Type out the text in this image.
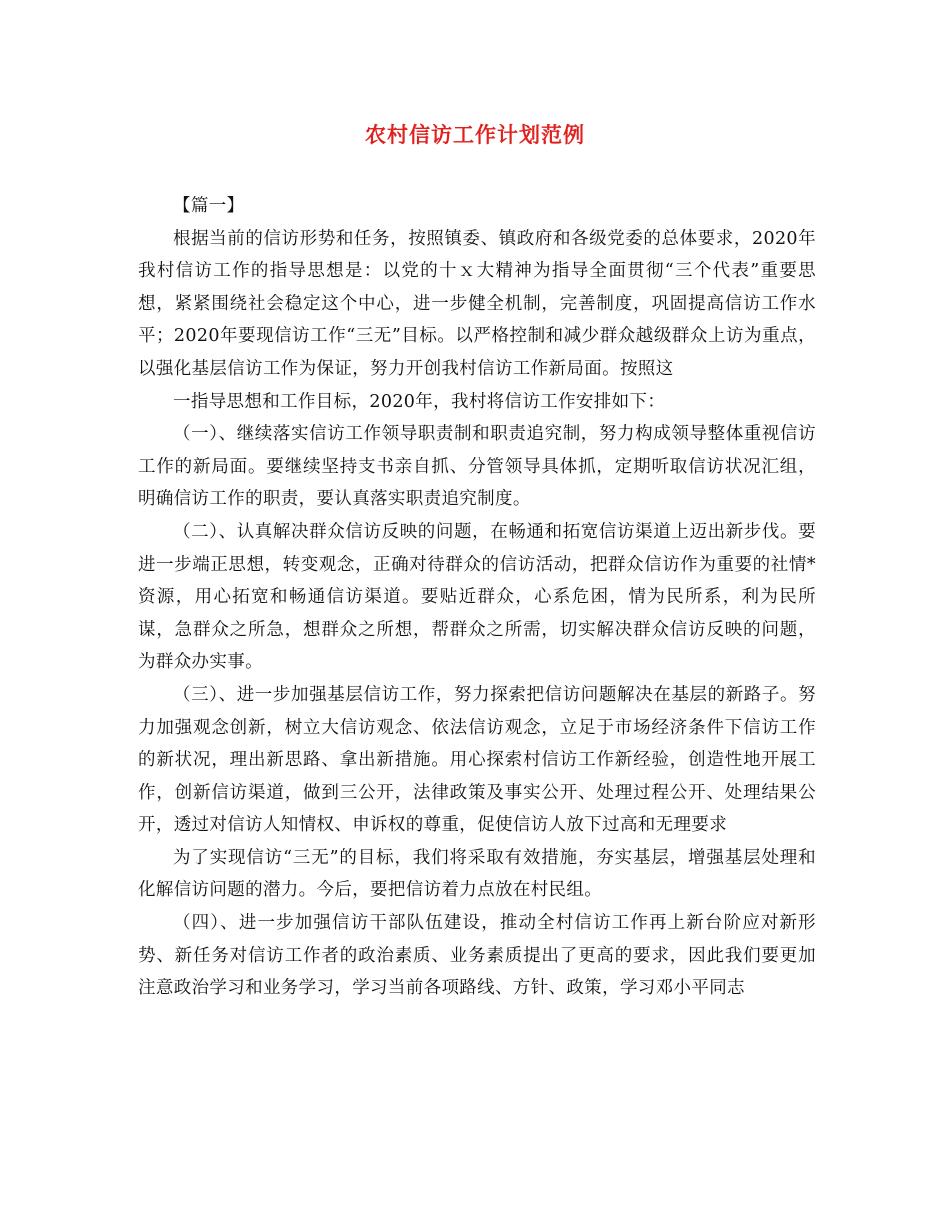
农村信访工作计划范例

【篇一】

根据当前的信访形势和任务，按照镇委、镇政府和各级党委的总体要求，2020年我村信访工作的指导思想是：以党的十ｘ大精神为指导全面贯彻“三个代表”重要思想，紧紧围绕社会稳定这个中心，进一步健全机制，完善制度，巩固提高信访工作水平；2020年要现信访工作“三无”目标。以严格控制和减少群众越级群众上访为重点，以强化基层信访工作为保证，努力开创我村信访工作新局面。按照这

一指导思想和工作目标，2020年，我村将信访工作安排如下：

（一）、继续落实信访工作领导职责制和职责追究制，努力构成领导整体重视信访工作的新局面。要继续坚持支书亲自抓、分管领导具体抓，定期听取信访状况汇组，明确信访工作的职责，要认真落实职责追究制度。

（二）、认真解决群众信访反映的问题，在畅通和拓宽信访渠道上迈出新步伐。要进一步端正思想，转变观念，正确对待群众的信访活动，把群众信访作为重要的社情*资源，用心拓宽和畅通信访渠道。要贴近群众，心系危困，情为民所系，利为民所谋，急群众之所急，想群众之所想，帮群众之所需，切实解决群众信访反映的问题，为群众办实事。

（三）、进一步加强基层信访工作，努力探索把信访问题解决在基层的新路子。努力加强观念创新，树立大信访观念、依法信访观念，立足于市场经济条件下信访工作的新状况，理出新思路、拿出新措施。用心探索村信访工作新经验，创造性地开展工作，创新信访渠道，做到三公开，法律政策及事实公开、处理过程公开、处理结果公开，透过对信访人知情权、申诉权的尊重，促使信访人放下过高和无理要求

为了实现信访“三无”的目标，我们将采取有效措施，夯实基层，增强基层处理和化解信访问题的潜力。今后，要把信访着力点放在村民组。

（四）、进一步加强信访干部队伍建设，推动全村信访工作再上新台阶应对新形势、新任务对信访工作者的政治素质、业务素质提出了更高的要求，因此我们要更加注意政治学习和业务学习，学习当前各项路线、方针、政策，学习邓小平同志
